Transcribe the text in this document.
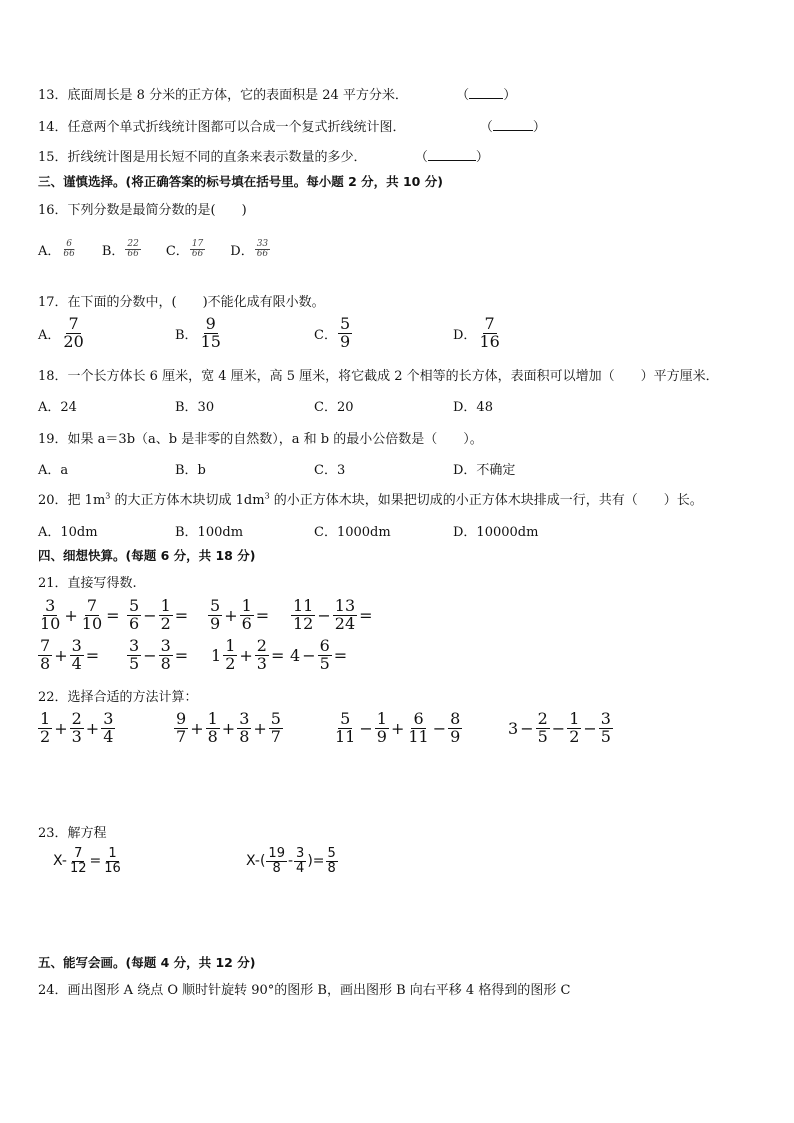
13．底面周长是 8 分米的正方体，它的表面积是 24 平方分米．	（	）
14．任意两个单式折线统计图都可以合成一个复式折线统计图．	（	）
15．折线统计图是用长短不同的直条来表示数量的多少．	（	）
三、谨慎选择。(将正确答案的标号填在括号里。每小题 2 分，共 10 分)
16．下列分数是最简分数的是(　　)
A． $\frac{6}{66}$ B． $\frac{22}{66}$ C． $\frac{17}{66}$ D． $\frac{33}{66}$
17．在下面的分数中，(　　)不能化成有限小数。
A． $\frac{7}{20}$	B． $\frac{9}{15}$	C． $\frac{5}{9}$	D． $\frac{7}{16}$
18．一个长方体长 6 厘米，宽 4 厘米，高 5 厘米，将它截成 2 个相等的长方体，表面积可以增加（　　）平方厘米．
A．24	B．30	C．20	D．48
19．如果 a＝3b（a、b 是非零的自然数），a 和 b 的最小公倍数是（　　）。
A．a	B．b	C．3	D．不确定
20．把 $1m^3$ 的大正方体木块切成 $1dm^3$ 的小正方体木块，如果把切成的小正方体木块排成一行，共有（　　）长。
A．10dm	B．100dm	C．1000dm	D．10000dm
四、细想快算。(每题 6 分，共 18 分)
21．直接写得数.
$\frac{3}{10} + \frac{7}{10} = \frac{5}{6} - \frac{1}{2} = \frac{5}{9} + \frac{1}{6} = \frac{11}{12} - \frac{13}{24}$ =
$\frac{7}{8} + \frac{3}{4} = \frac{3}{5} - \frac{3}{8} = 1 \frac{1}{2} + \frac{2}{3} = 4 - \frac{6}{5}$ =
22．选择合适的方法计算：
$\frac{1}{2} + \frac{2}{3} + \frac{3}{4}$	$\frac{9}{7} + \frac{1}{8} + \frac{3}{8} + \frac{5}{7}$	$\frac{5}{11} - \frac{1}{9} + \frac{6}{11} - \frac{8}{9}$	$3 - \frac{2}{5} - \frac{1}{2} - \frac{3}{5}$
23．解方程
$X- \frac{7}{12} = \frac{1}{16}$	$X-( \frac{19}{8} - \frac{3}{4}$ )= $\frac{5}{8}$
五、能写会画。(每题 4 分，共 12 分)
24．画出图形 A 绕点 O 顺时针旋转 90°的图形 B，画出图形 B 向右平移 4 格得到的图形 C
